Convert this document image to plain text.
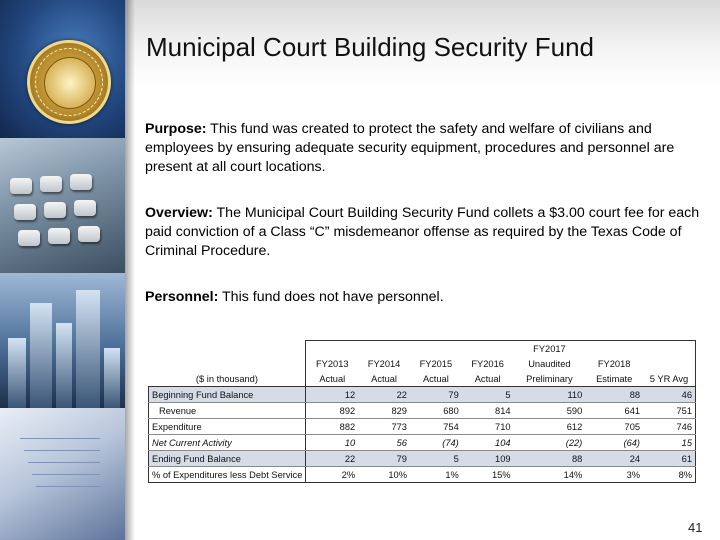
Municipal Court Building Security Fund
Purpose: This fund was created to protect the safety and welfare of civilians and employees by ensuring adequate security equipment, procedures and personnel are present at all court locations.
Overview: The Municipal Court Building Security Fund collets a $3.00 court fee for each paid conviction of a Class “C” misdemeanor offense as required by the Texas Code of Criminal Procedure.
Personnel: This fund does not have personnel.
					FY2017		
	FY2013	FY2014	FY2015	FY2016	Unaudited	FY2018	
($ in thousand)	Actual	Actual	Actual	Actual	Preliminary	Estimate	5 YR Avg
Beginning Fund Balance	12	22	79	5	110	88	46
Revenue	892	829	680	814	590	641	751
Expenditure	882	773	754	710	612	705	746
Net Current Activity	10	56	(74)	104	(22)	(64)	15
Ending Fund Balance	22	79	5	109	88	24	61
% of Expenditures less Debt Service	2%	10%	1%	15%	14%	3%	8%
41
